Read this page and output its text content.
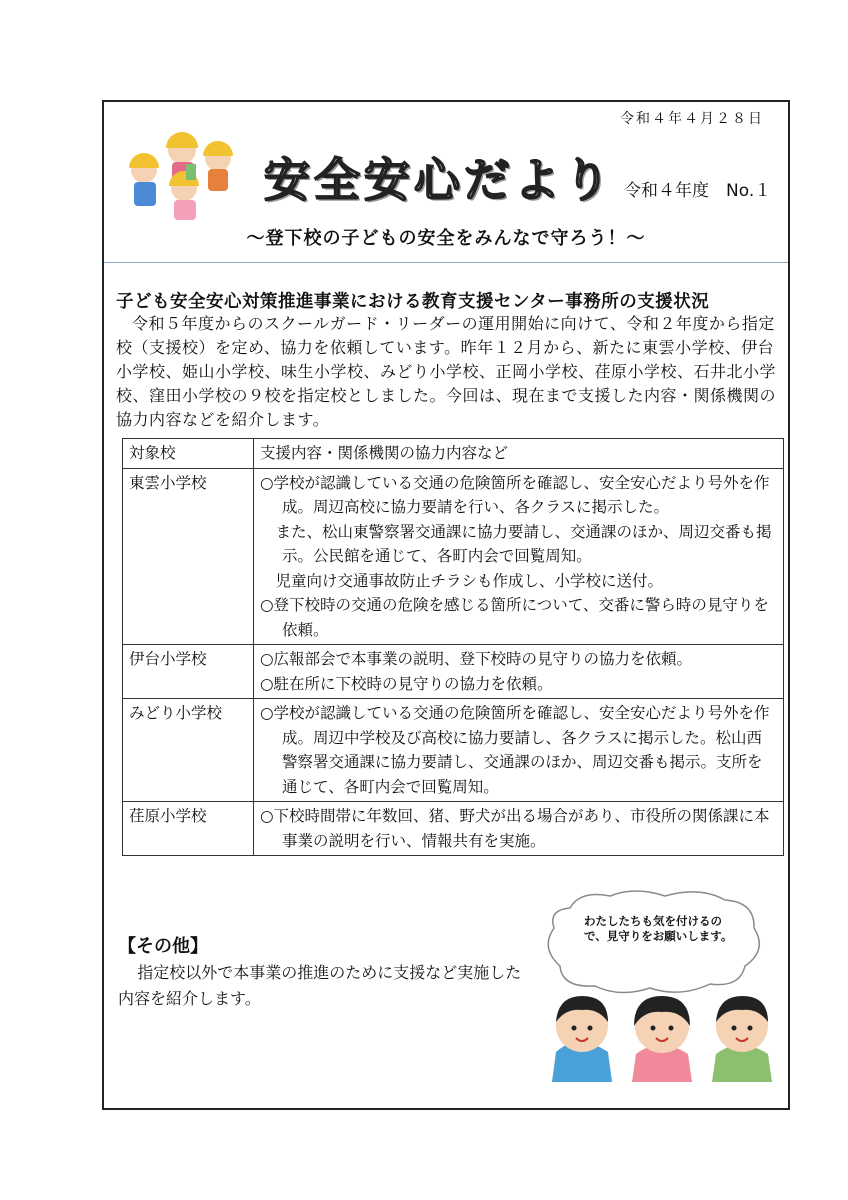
令和４年４月２８日
安全安心だより 令和４年度　No.１
～登下校の子どもの安全をみんなで守ろう！～
子ども安全安心対策推進事業における教育支援センター事務所の支援状況
令和５年度からのスクールガード・リーダーの運用開始に向けて、令和２年度から指定校（支援校）を定め、協力を依頼しています。昨年１２月から、新たに東雲小学校、伊台小学校、姫山小学校、味生小学校、みどり小学校、正岡小学校、荏原小学校、石井北小学校、窪田小学校の９校を指定校としました。今回は、現在まで支援した内容・関係機関の協力内容などを紹介します。
対象校	支援内容・関係機関の協力内容など
東雲小学校	○学校が認識している交通の危険箇所を確認し、安全安心だより号外を作成。周辺高校に協力要請を行い、各クラスに掲示した。
　また、松山東警察署交通課に協力要請し、交通課のほか、周辺交番も掲示。公民館を通じて、各町内会で回覧周知。
　児童向け交通事故防止チラシも作成し、小学校に送付。
○登下校時の交通の危険を感じる箇所について、交番に警ら時の見守りを依頼。

伊台小学校	○広報部会で本事業の説明、登下校時の見守りの協力を依頼。
○駐在所に下校時の見守りの協力を依頼。

みどり小学校	○学校が認識している交通の危険箇所を確認し、安全安心だより号外を作成。周辺中学校及び高校に協力要請し、各クラスに掲示した。松山西警察署交通課に協力要請し、交通課のほか、周辺交番も掲示。支所を通じて、各町内会で回覧周知。

荏原小学校	○下校時間帯に年数回、猪、野犬が出る場合があり、市役所の関係課に本事業の説明を行い、情報共有を実施。
【その他】
指定校以外で本事業の推進のために支援など実施した内容を紹介します。
わたしたちも気を付けるので、見守りをお願いします。
